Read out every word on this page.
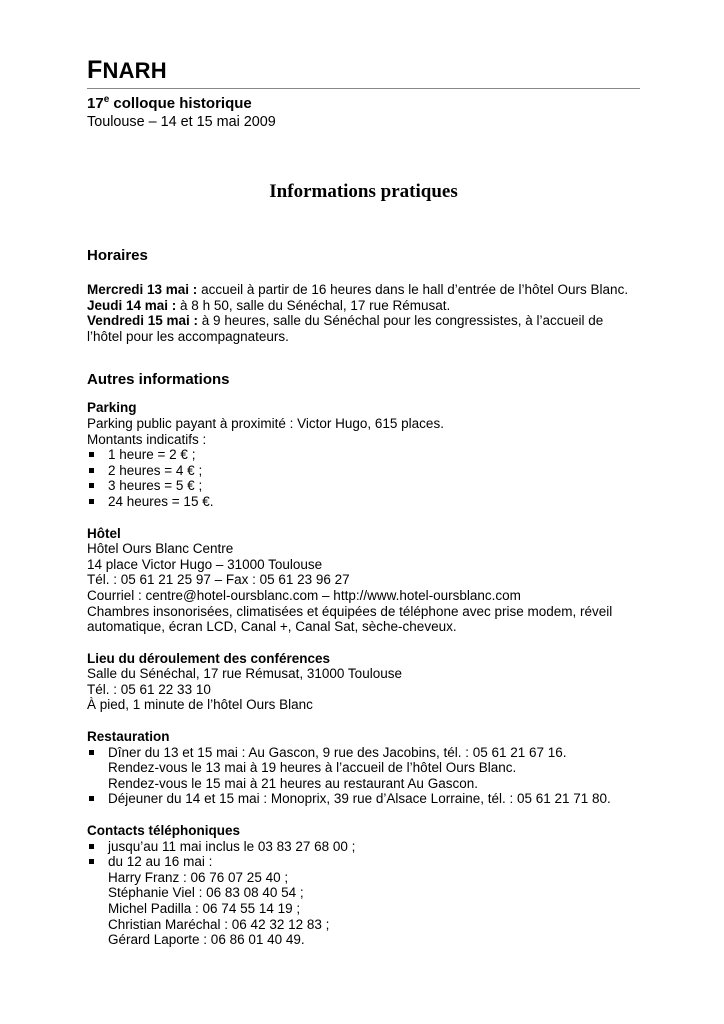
FNARH
17e colloque historique
Toulouse – 14 et 15 mai 2009
Informations pratiques
Horaires
Mercredi 13 mai : accueil à partir de 16 heures dans le hall d’entrée de l’hôtel Ours Blanc.
Jeudi 14 mai : à 8 h 50, salle du Sénéchal, 17 rue Rémusat.
Vendredi 15 mai : à 9 heures, salle du Sénéchal pour les congressistes, à l’accueil de l’hôtel pour les accompagnateurs.
Autres informations
Parking
Parking public payant à proximité : Victor Hugo, 615 places.
Montants indicatifs :
1 heure = 2 € ;
2 heures = 4 € ;
3 heures = 5 € ;
24 heures = 15 €.
Hôtel
Hôtel Ours Blanc Centre
14 place Victor Hugo – 31000 Toulouse
Tél. : 05 61 21 25 97 – Fax : 05 61 23 96 27
Courriel : centre@hotel-oursblanc.com – http://www.hotel-oursblanc.com
Chambres insonorisées, climatisées et équipées de téléphone avec prise modem, réveil automatique, écran LCD, Canal +, Canal Sat, sèche-cheveux.
Lieu du déroulement des conférences
Salle du Sénéchal, 17 rue Rémusat, 31000 Toulouse
Tél. : 05 61 22 33 10
À pied, 1 minute de l’hôtel Ours Blanc
Restauration
Dîner du 13 et 15 mai : Au Gascon, 9 rue des Jacobins, tél. : 05 61 21 67 16.
Rendez-vous le 13 mai à 19 heures à l’accueil de l’hôtel Ours Blanc.
Rendez-vous le 15 mai à 21 heures au restaurant Au Gascon.
Déjeuner du 14 et 15 mai : Monoprix, 39 rue d’Alsace Lorraine, tél. : 05 61 21 71 80.
Contacts téléphoniques
jusqu’au 11 mai inclus le 03 83 27 68 00 ;
du 12 au 16 mai :
Harry Franz : 06 76 07 25 40 ;
Stéphanie Viel : 06 83 08 40 54 ;
Michel Padilla : 06 74 55 14 19 ;
Christian Maréchal : 06 42 32 12 83 ;
Gérard Laporte : 06 86 01 40 49.
